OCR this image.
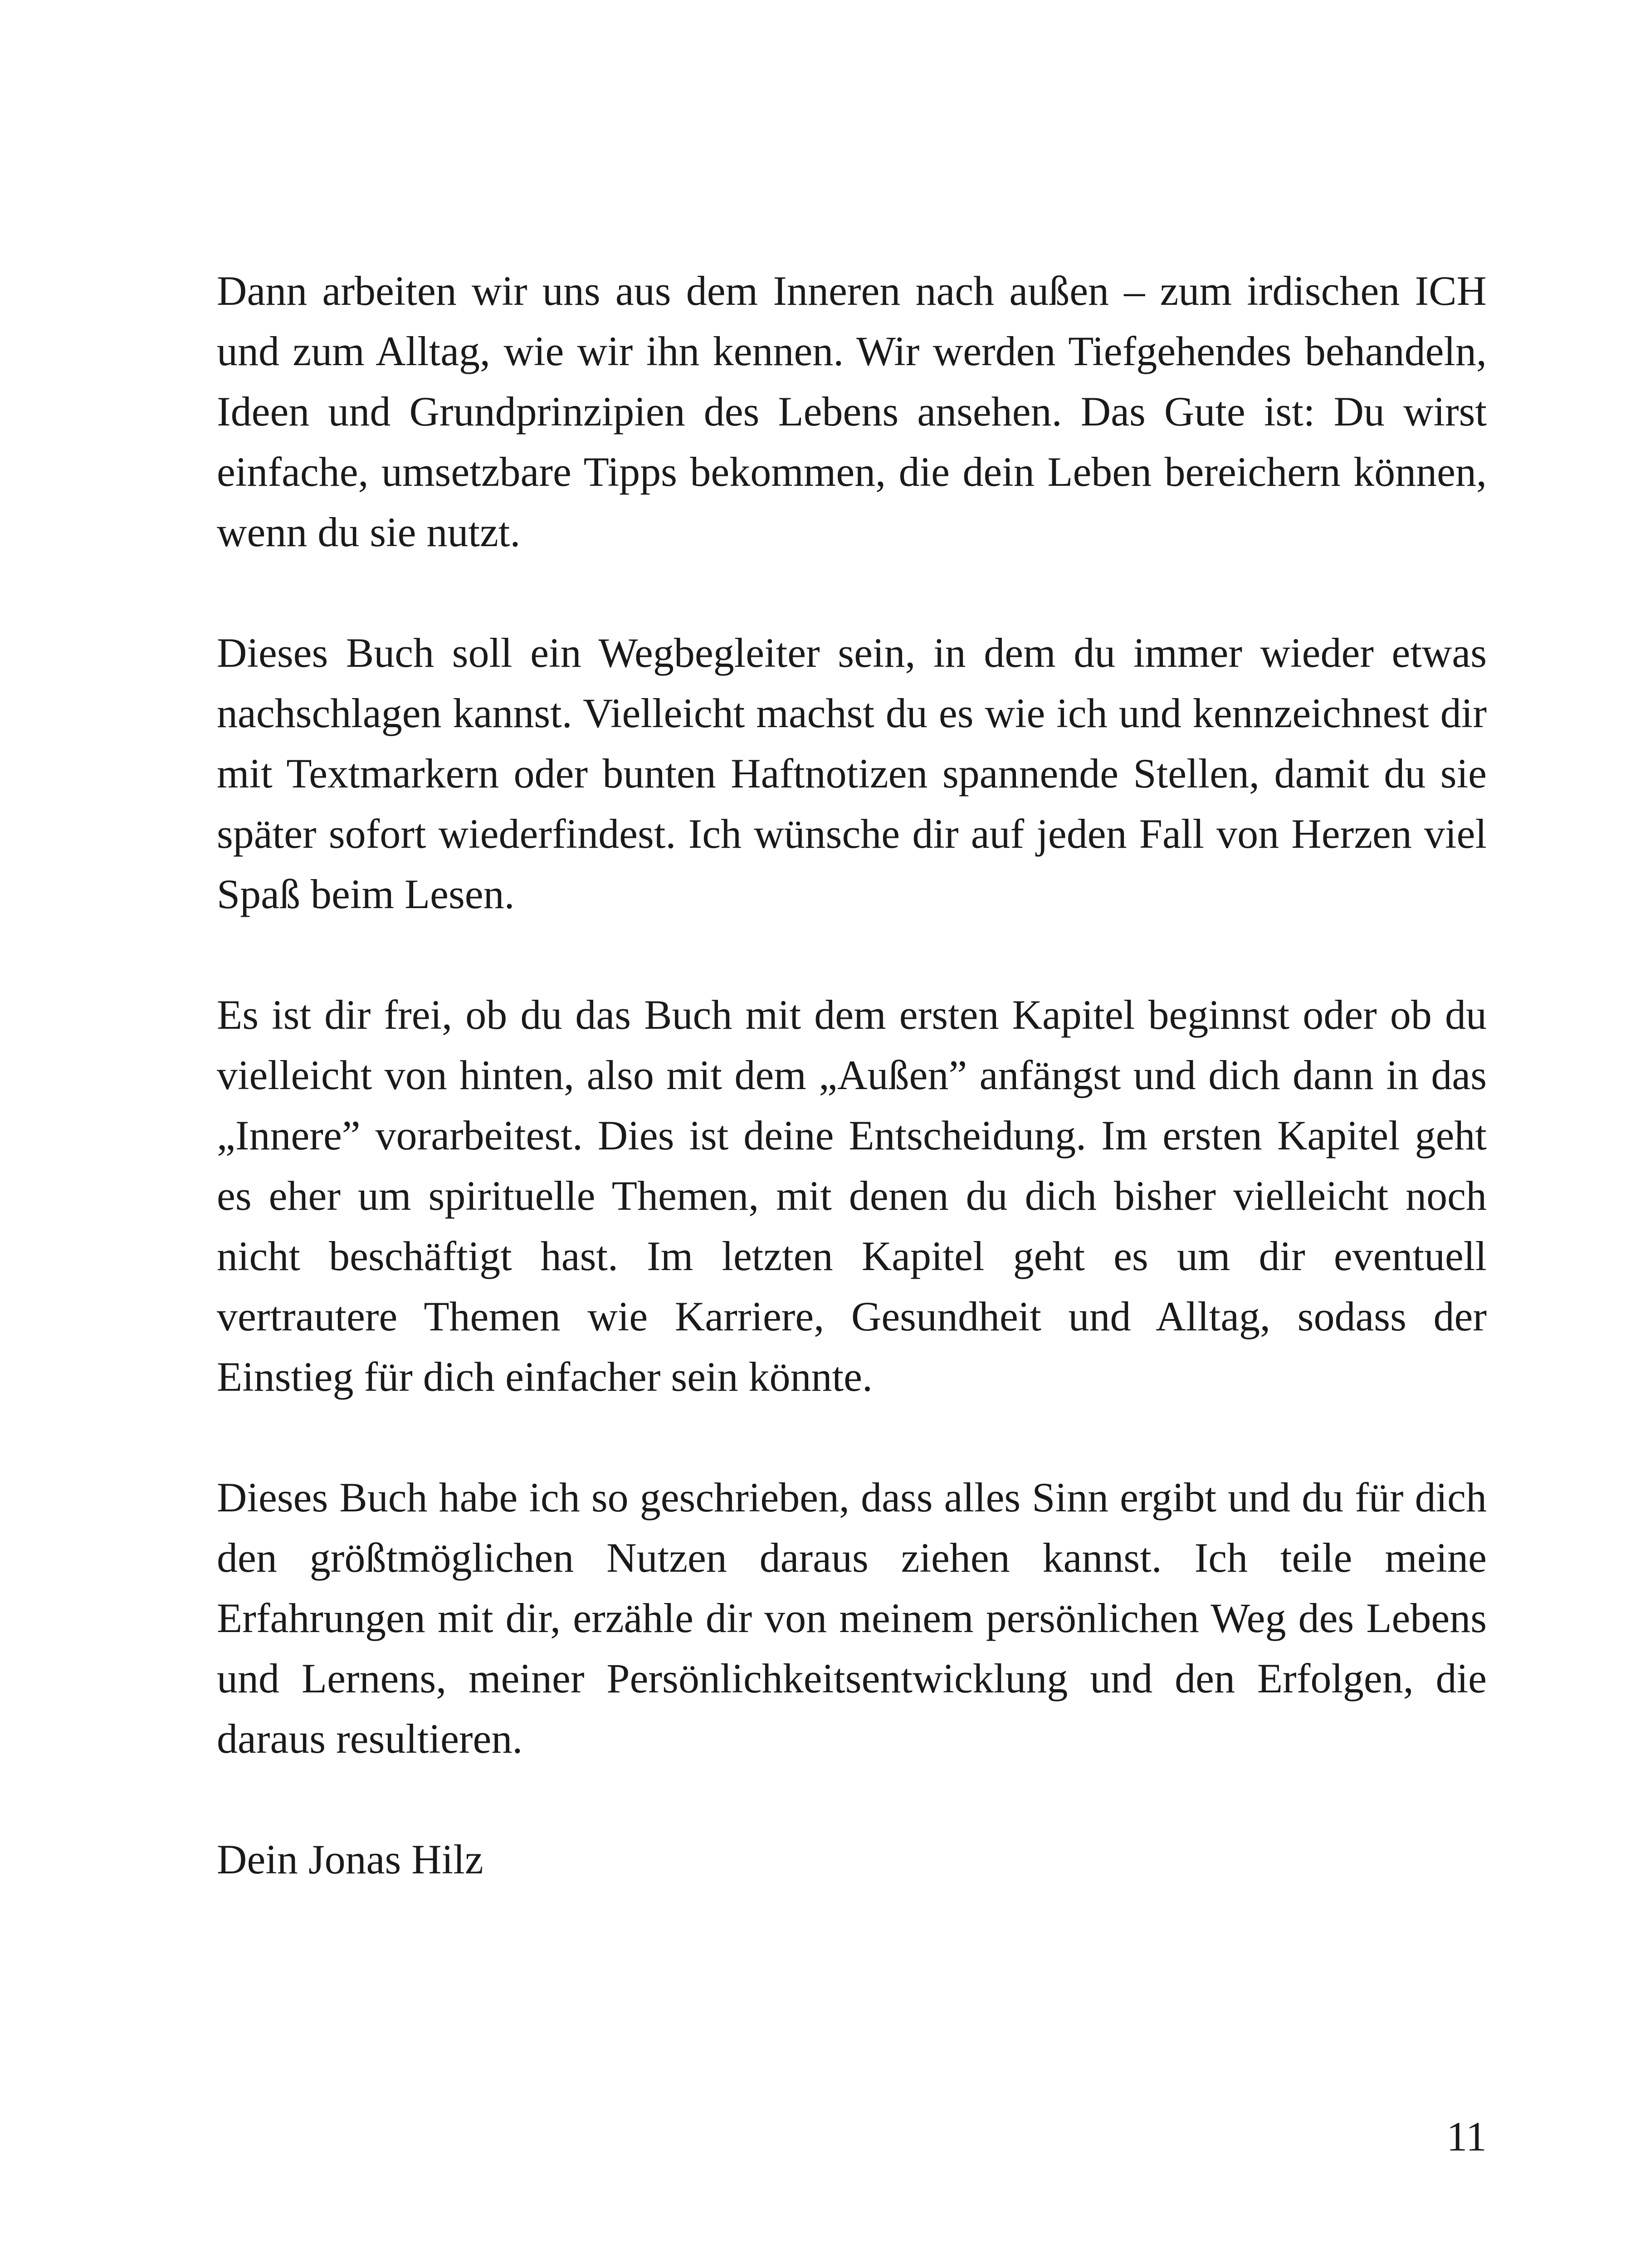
Dann arbeiten wir uns aus dem Inneren nach außen – zum irdischen ICH und zum Alltag, wie wir ihn kennen. Wir werden Tiefgehendes behandeln, Ideen und Grundprinzipien des Lebens ansehen. Das Gute ist: Du wirst einfache, umsetzbare Tipps bekommen, die dein Leben bereichern können, wenn du sie nutzt.

Dieses Buch soll ein Wegbegleiter sein, in dem du immer wieder etwas nachschlagen kannst. Vielleicht machst du es wie ich und kennzeichnest dir mit Textmarkern oder bunten Haftnotizen spannende Stellen, damit du sie später sofort wiederfindest. Ich wünsche dir auf jeden Fall von Herzen viel Spaß beim Lesen.

Es ist dir frei, ob du das Buch mit dem ersten Kapitel beginnst oder ob du vielleicht von hinten, also mit dem „Außen” anfängst und dich dann in das „Innere” vorarbeitest. Dies ist deine Entscheidung. Im ersten Kapitel geht es eher um spirituelle Themen, mit denen du dich bisher vielleicht noch nicht beschäftigt hast. Im letzten Kapitel geht es um dir eventuell vertrautere Themen wie Karriere, Gesundheit und Alltag, sodass der Einstieg für dich einfacher sein könnte.

Dieses Buch habe ich so geschrieben, dass alles Sinn ergibt und du für dich den größtmöglichen Nutzen daraus ziehen kannst. Ich teile meine Erfahrungen mit dir, erzähle dir von meinem persönlichen Weg des Lebens und Lernens, meiner Persönlichkeitsentwicklung und den Erfolgen, die daraus resultieren.

Dein Jonas Hilz

11
